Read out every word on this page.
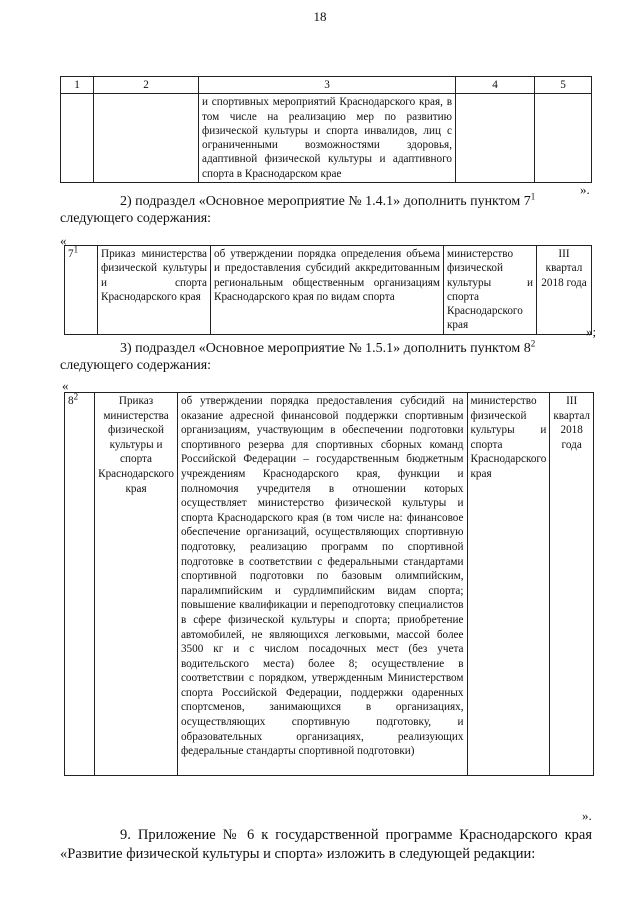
18
1	2	3	4	5
		и спортивных мероприятий Краснодарского края, в том числе на реализацию мер по развитию физической культуры и спорта инвалидов, лиц с ограниченными возможностями здоровья, адаптивной физической культуры и адаптивного спорта в Краснодарском крае		
».
2) подраздел «Основное мероприятие № 1.4.1» дополнить пунктом $7^1$
следующего содержания:
«
$7^1$	Приказ министерства физической культуры и спорта Краснодарского края	об утверждении порядка определения объема и предоставления субсидий аккредитованным региональным общественным организациям Краснодарского края по видам спорта	министерство физической культуры и спорта Краснодарского края	III квартал 2018 года
»;
3) подраздел «Основное мероприятие № 1.5.1» дополнить пунктом $8^2$
следующего содержания:
«
$8^2$	Приказ министерства физической культуры и спорта Краснодарского края	об утверждении порядка предоставления субсидий на оказание адресной финансовой поддержки спортивным организациям, участвующим в обеспечении подготовки спортивного резерва для спортивных сборных команд Российской Федерации – государственным бюджетным учреждениям Краснодарского края, функции и полномочия учредителя в отношении которых осуществляет министерство физической культуры и спорта Краснодарского края (в том числе на: финансовое обеспечение организаций, осуществляющих спортивную подготовку, реализацию программ по спортивной подготовке в соответствии с федеральными стандартами спортивной подготовки по базовым олимпийским, паралимпийским и сурдлимпийским видам спорта; повышение квалификации и переподготовку специалистов в сфере физической культуры и спорта; приобретение автомобилей, не являющихся легковыми, массой более 3500 кг и с числом посадочных мест (без учета водительского места) более 8; осуществление в соответствии с порядком, утвержденным Министерством спорта Российской Федерации, поддержки одаренных спортсменов, занимающихся в организациях, осуществляющих спортивную подготовку, и образовательных организациях, реализующих федеральные стандарты спортивной подготовки)	министерство физической культуры и спорта Краснодарского края	III квартал 2018 года
».
9. Приложение № 6 к государственной программе Краснодарского края «Развитие физической культуры и спорта» изложить в следующей редакции:
